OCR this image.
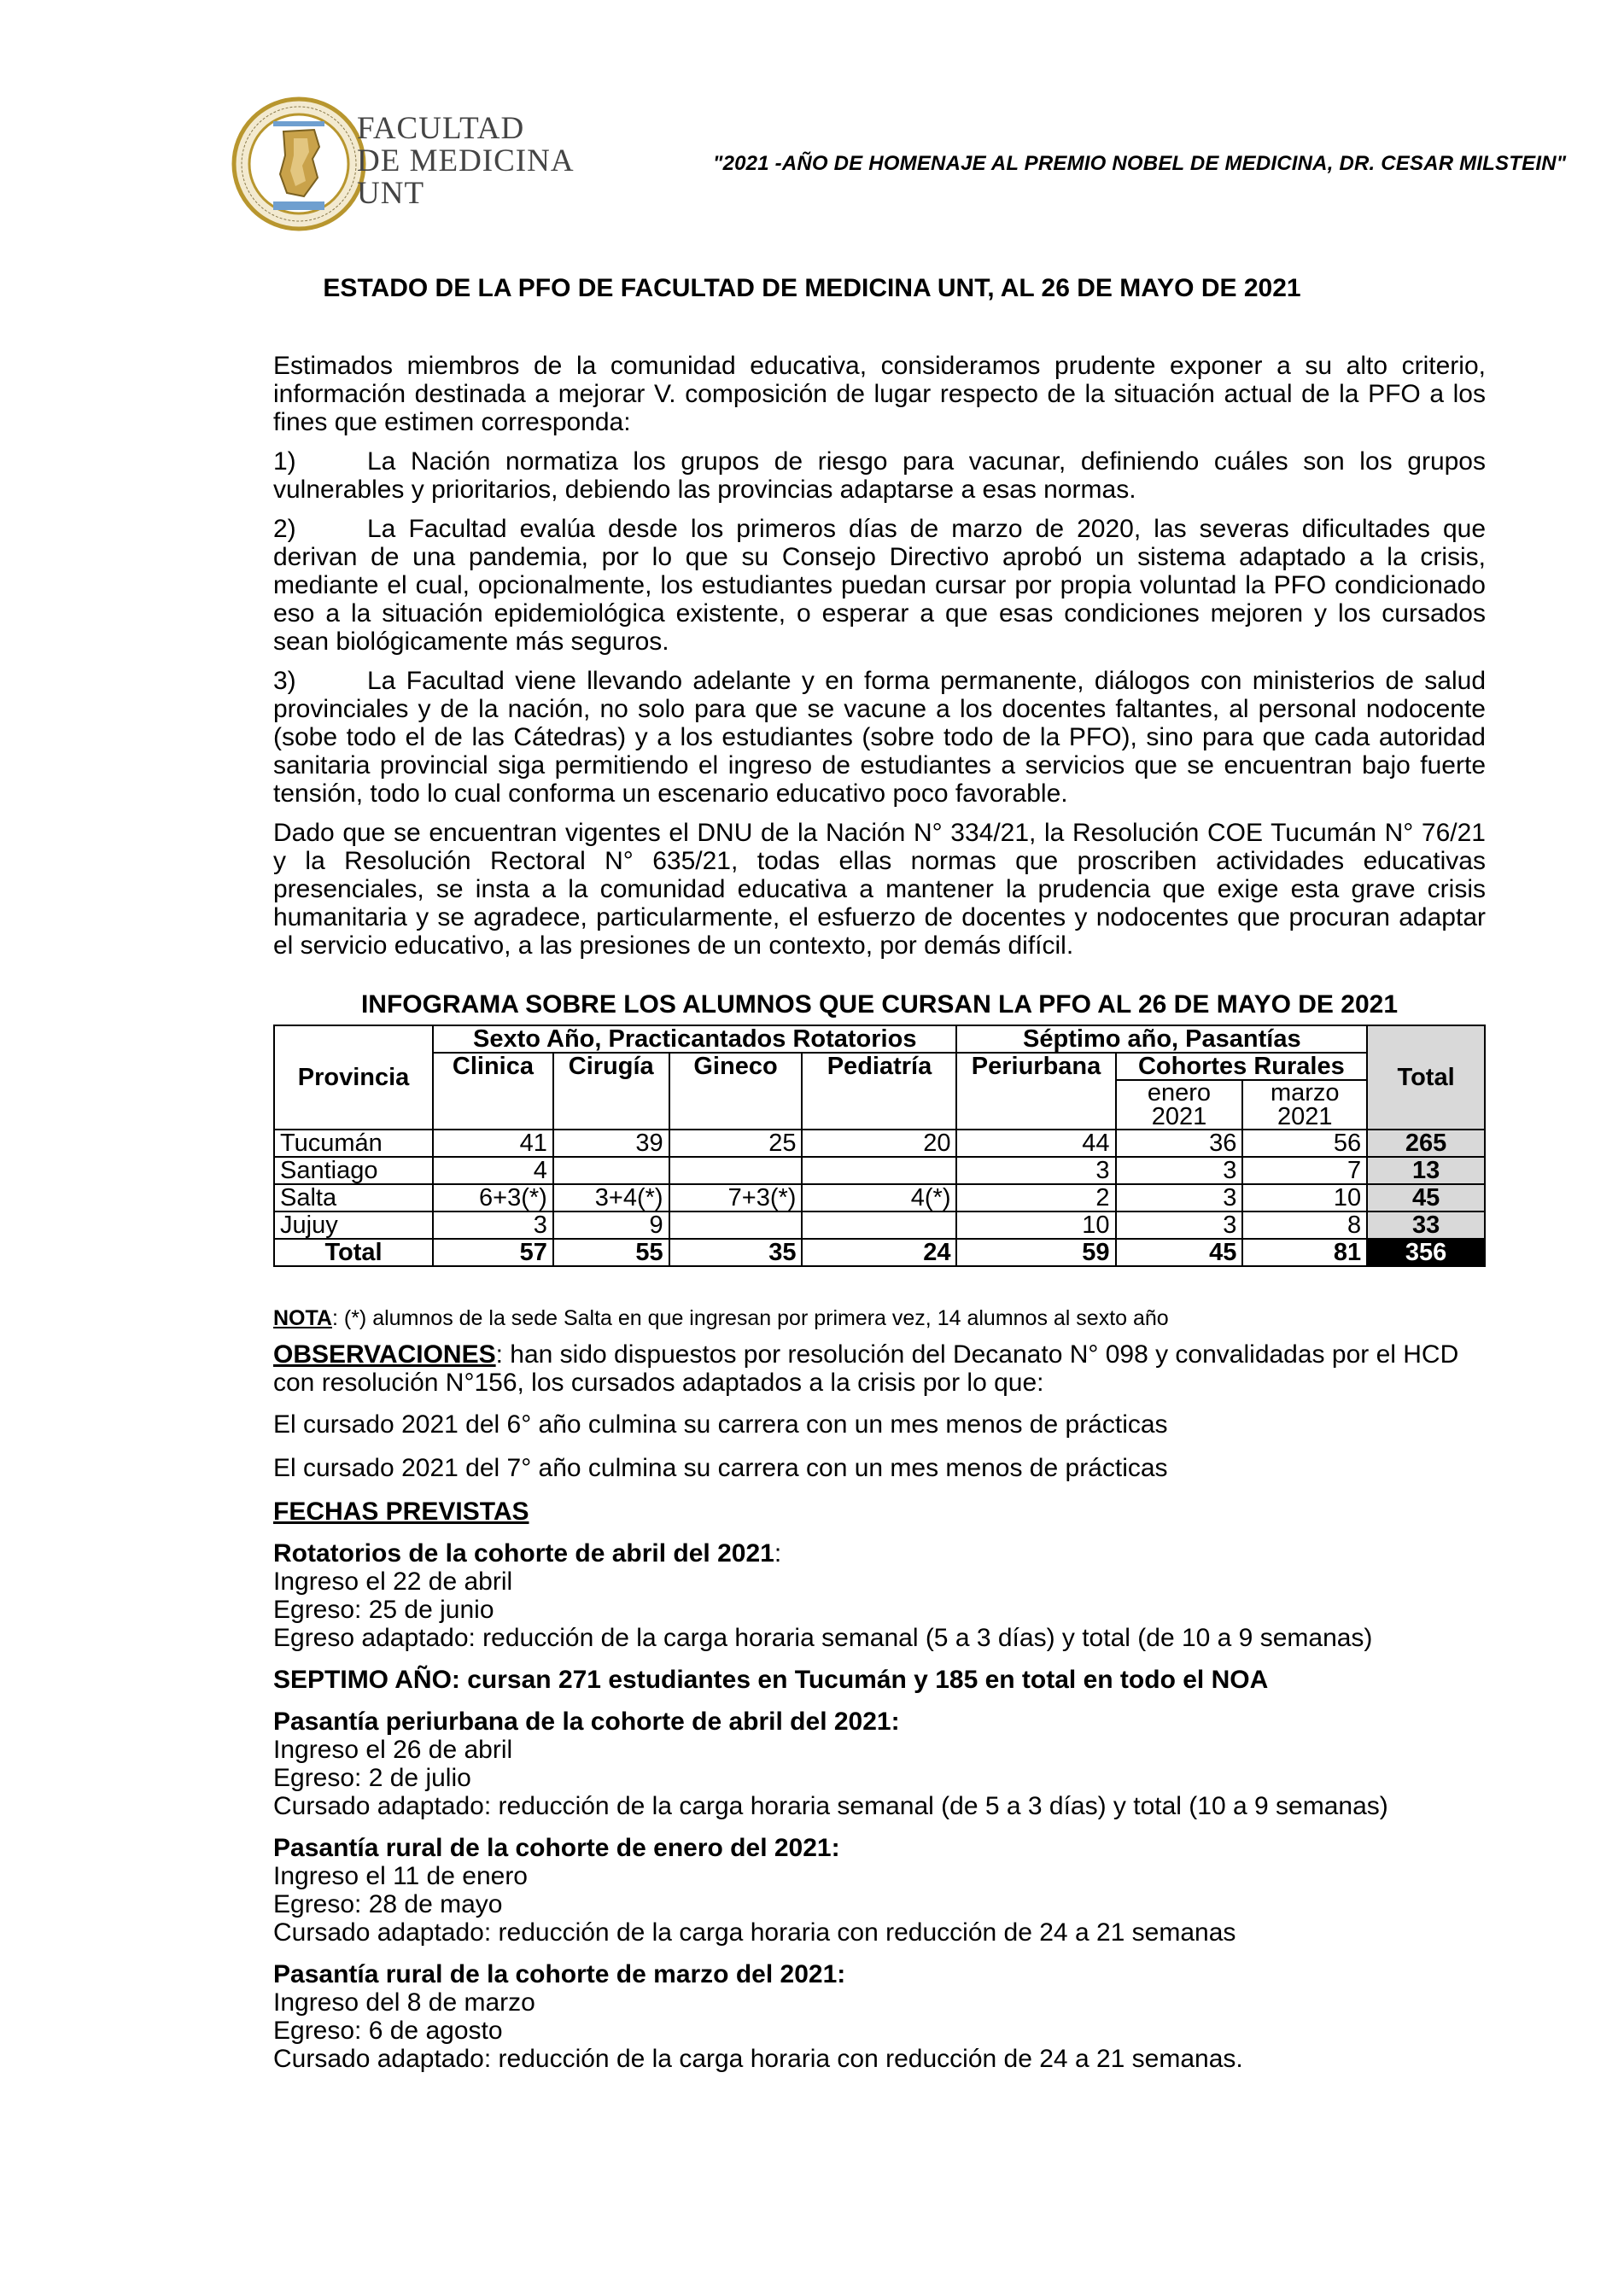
FACULTAD
DE MEDICINA
UNT
"2021 -AÑO DE HOMENAJE AL PREMIO NOBEL DE MEDICINA, DR. CESAR MILSTEIN"
ESTADO DE LA PFO DE FACULTAD DE MEDICINA UNT, AL 26 DE MAYO DE 2021

Estimados miembros de la comunidad educativa, consideramos prudente exponer a su alto criterio, información destinada a mejorar V. composición de lugar respecto de la situación actual de la PFO a los fines que estimen corresponda:

1)	La Nación normatiza los grupos de riesgo para vacunar, definiendo cuáles son los grupos vulnerables y prioritarios, debiendo las provincias adaptarse a esas normas.

2)	La Facultad evalúa desde los primeros días de marzo de 2020, las severas dificultades que derivan de una pandemia, por lo que su Consejo Directivo aprobó un sistema adaptado a la crisis, mediante el cual, opcionalmente, los estudiantes puedan cursar por propia voluntad la PFO condicionado eso a la situación epidemiológica existente, o esperar a que esas condiciones mejoren y los cursados sean biológicamente más seguros.

3)	La Facultad viene llevando adelante y en forma permanente, diálogos con ministerios de salud provinciales y de la nación, no solo para que se vacune a los docentes faltantes, al personal nodocente (sobe todo el de las Cátedras) y a los estudiantes (sobre todo de la PFO), sino para que cada autoridad sanitaria provincial siga permitiendo el ingreso de estudiantes a servicios que se encuentran bajo fuerte tensión, todo lo cual conforma un escenario educativo poco favorable.

Dado que se encuentran vigentes el DNU de la Nación N° 334/21, la Resolución COE Tucumán N° 76/21 y la Resolución Rectoral N° 635/21, todas ellas normas que proscriben actividades educativas presenciales, se insta a la comunidad educativa a mantener la prudencia que exige esta grave crisis humanitaria y se agradece, particularmente, el esfuerzo de docentes y nodocentes que procuran adaptar el servicio educativo, a las presiones de un contexto, por demás difícil.

INFOGRAMA SOBRE LOS ALUMNOS QUE CURSAN LA PFO AL 26 DE MAYO DE 2021
Provincia	Sexto Año, Practicantados Rotatorios				Séptimo año, Pasantías			Total
	Clinica	Cirugía	Gineco	Pediatría	Periurbana	Cohortes Rurales		
						enero 2021	marzo 2021	
Tucumán	41	39	25	20	44	36	56	265
Santiago	4				3	3	7	13
Salta	6+3(*)	3+4(*)	7+3(*)	4(*)	2	3	10	45
Jujuy	3	9			10	3	8	33
Total	57	55	35	24	59	45	81	356
NOTA: (*) alumnos de la sede Salta en que ingresan por primera vez, 14 alumnos al sexto año

OBSERVACIONES: han sido dispuestos por resolución del Decanato N° 098 y convalidadas por el HCD con resolución N°156, los cursados adaptados a la crisis por lo que:

El cursado 2021 del 6° año culmina su carrera con un mes menos de prácticas

El cursado 2021 del 7° año culmina su carrera con un mes menos de prácticas

FECHAS PREVISTAS

Rotatorios de la cohorte de abril del 2021:
Ingreso el 22 de abril
Egreso: 25 de junio
Egreso adaptado: reducción de la carga horaria semanal (5 a 3 días) y total (de 10 a 9 semanas)

SEPTIMO AÑO: cursan 271 estudiantes en Tucumán y 185 en total en todo el NOA

Pasantía periurbana de la cohorte de abril del 2021:
Ingreso el 26 de abril
Egreso: 2 de julio
Cursado adaptado: reducción de la carga horaria semanal (de 5 a 3 días) y total (10 a 9 semanas)

Pasantía rural de la cohorte de enero del 2021:
Ingreso el 11 de enero
Egreso: 28 de mayo
Cursado adaptado: reducción de la carga horaria con reducción de 24 a 21 semanas

Pasantía rural de la cohorte de marzo del 2021:
Ingreso del 8 de marzo
Egreso: 6 de agosto
Cursado adaptado: reducción de la carga horaria con reducción de 24 a 21 semanas.
